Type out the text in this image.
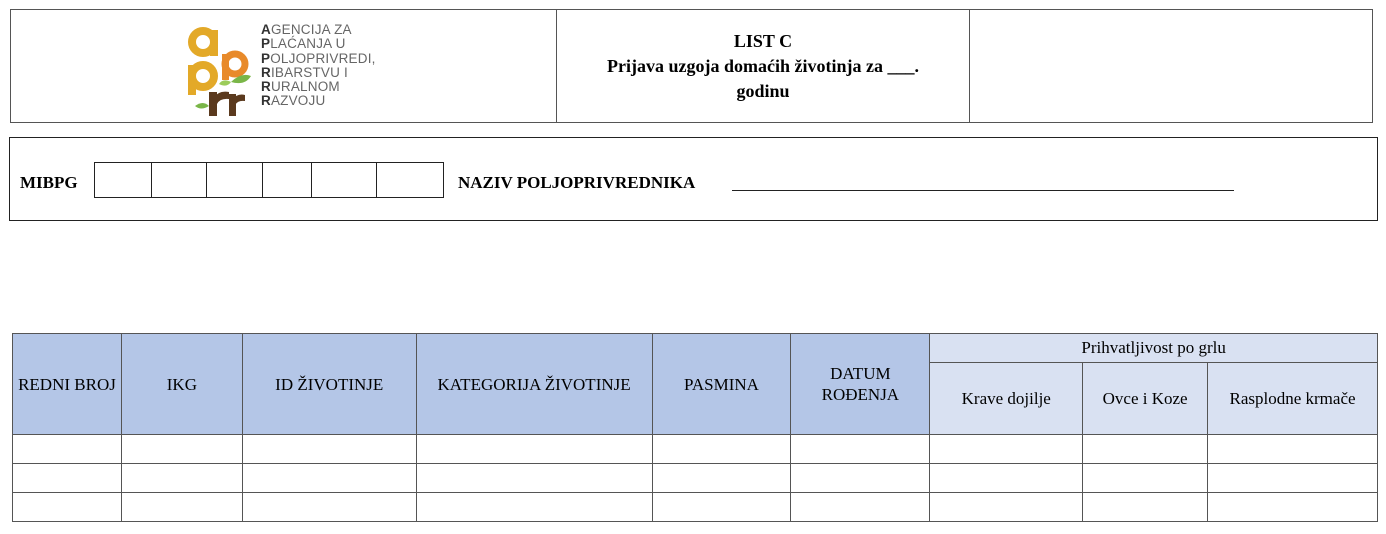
AGENCIJA ZA
PLAĆANJA U
POLJOPRIVREDI,
RIBARSTVU I
RURALNOM
RAZVOJU
LIST C
Prijava uzgoja domaćih životinja za ___.
godinu
MIBPG	NAZIV POLJOPRIVREDNIKA
REDNI BROJ	IKG	ID ŽIVOTINJE	KATEGORIJA ŽIVOTINJE	PASMINA	DATUM ROĐENJA	Prihvatljivost po grlu		
						Krave dojilje	Ovce i Koze	Rasplodne krmače
